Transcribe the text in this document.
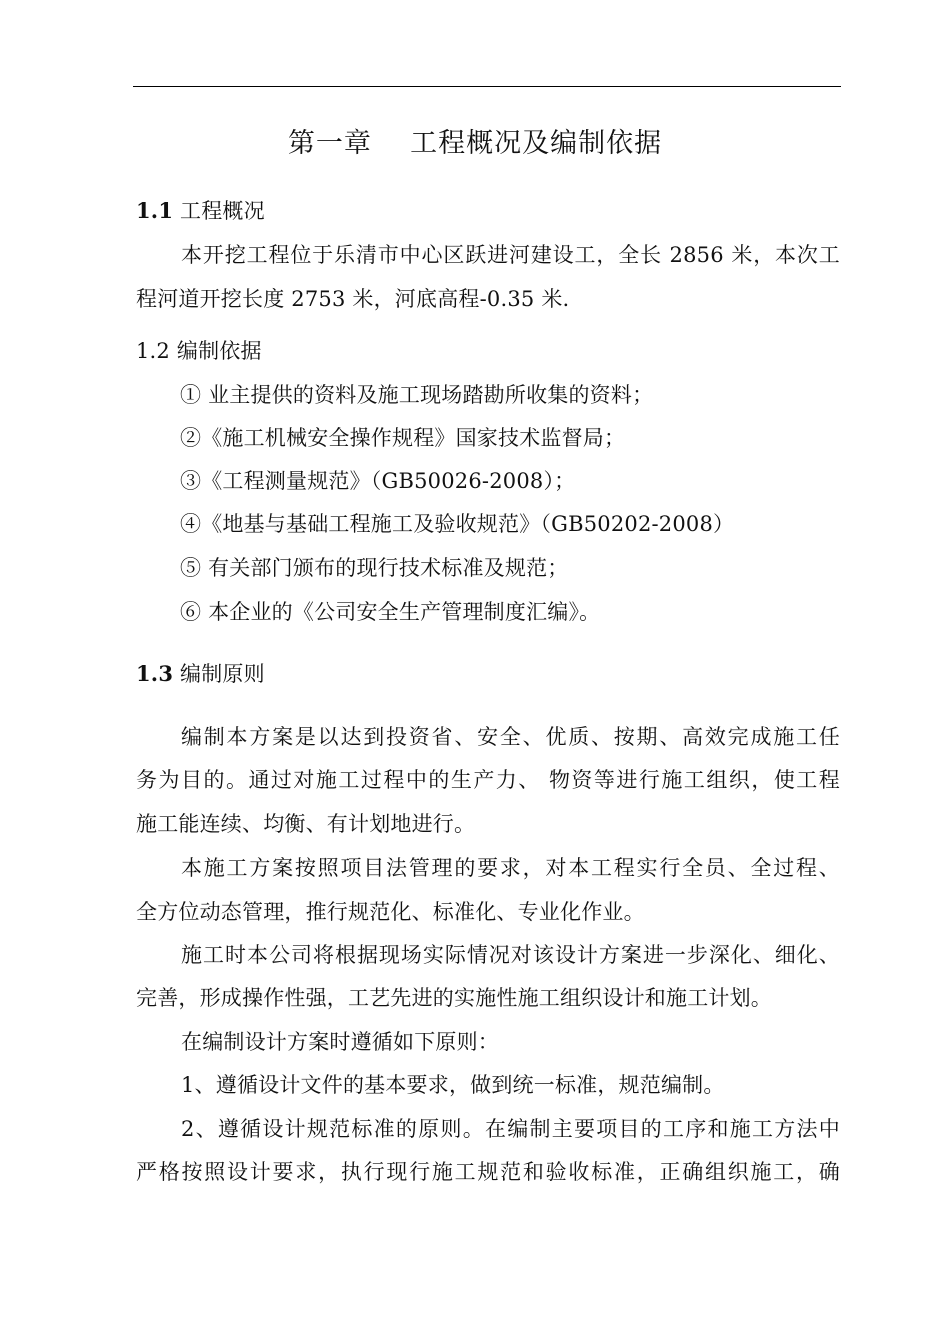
第一章    工程概况及编制依据
1.1 工程概况
本开挖工程位于乐清市中心区跃进河建设工，全长 2856 米，本次工
程河道开挖长度 2753 米，河底高程-0.35 米.
1.2 编制依据
① 业主提供的资料及施工现场踏勘所收集的资料；
②《施工机械安全操作规程》国家技术监督局；
③《工程测量规范》（GB50026-2008）；
④《地基与基础工程施工及验收规范》（GB50202-2008）
⑤ 有关部门颁布的现行技术标准及规范；
⑥ 本企业的《公司安全生产管理制度汇编》。
1.3 编制原则
编制本方案是以达到投资省、安全、优质、按期、高效完成施工任
务为目的。通过对施工过程中的生产力、 物资等进行施工组织，使工程
施工能连续、均衡、有计划地进行。
本施工方案按照项目法管理的要求，对本工程实行全员、全过程、
全方位动态管理，推行规范化、标准化、专业化作业。
施工时本公司将根据现场实际情况对该设计方案进一步深化、细化、
完善，形成操作性强，工艺先进的实施性施工组织设计和施工计划。
在编制设计方案时遵循如下原则：
1、遵循设计文件的基本要求，做到统一标准，规范编制。
2、遵循设计规范标准的原则。在编制主要项目的工序和施工方法中
严格按照设计要求，执行现行施工规范和验收标准，正确组织施工，确
